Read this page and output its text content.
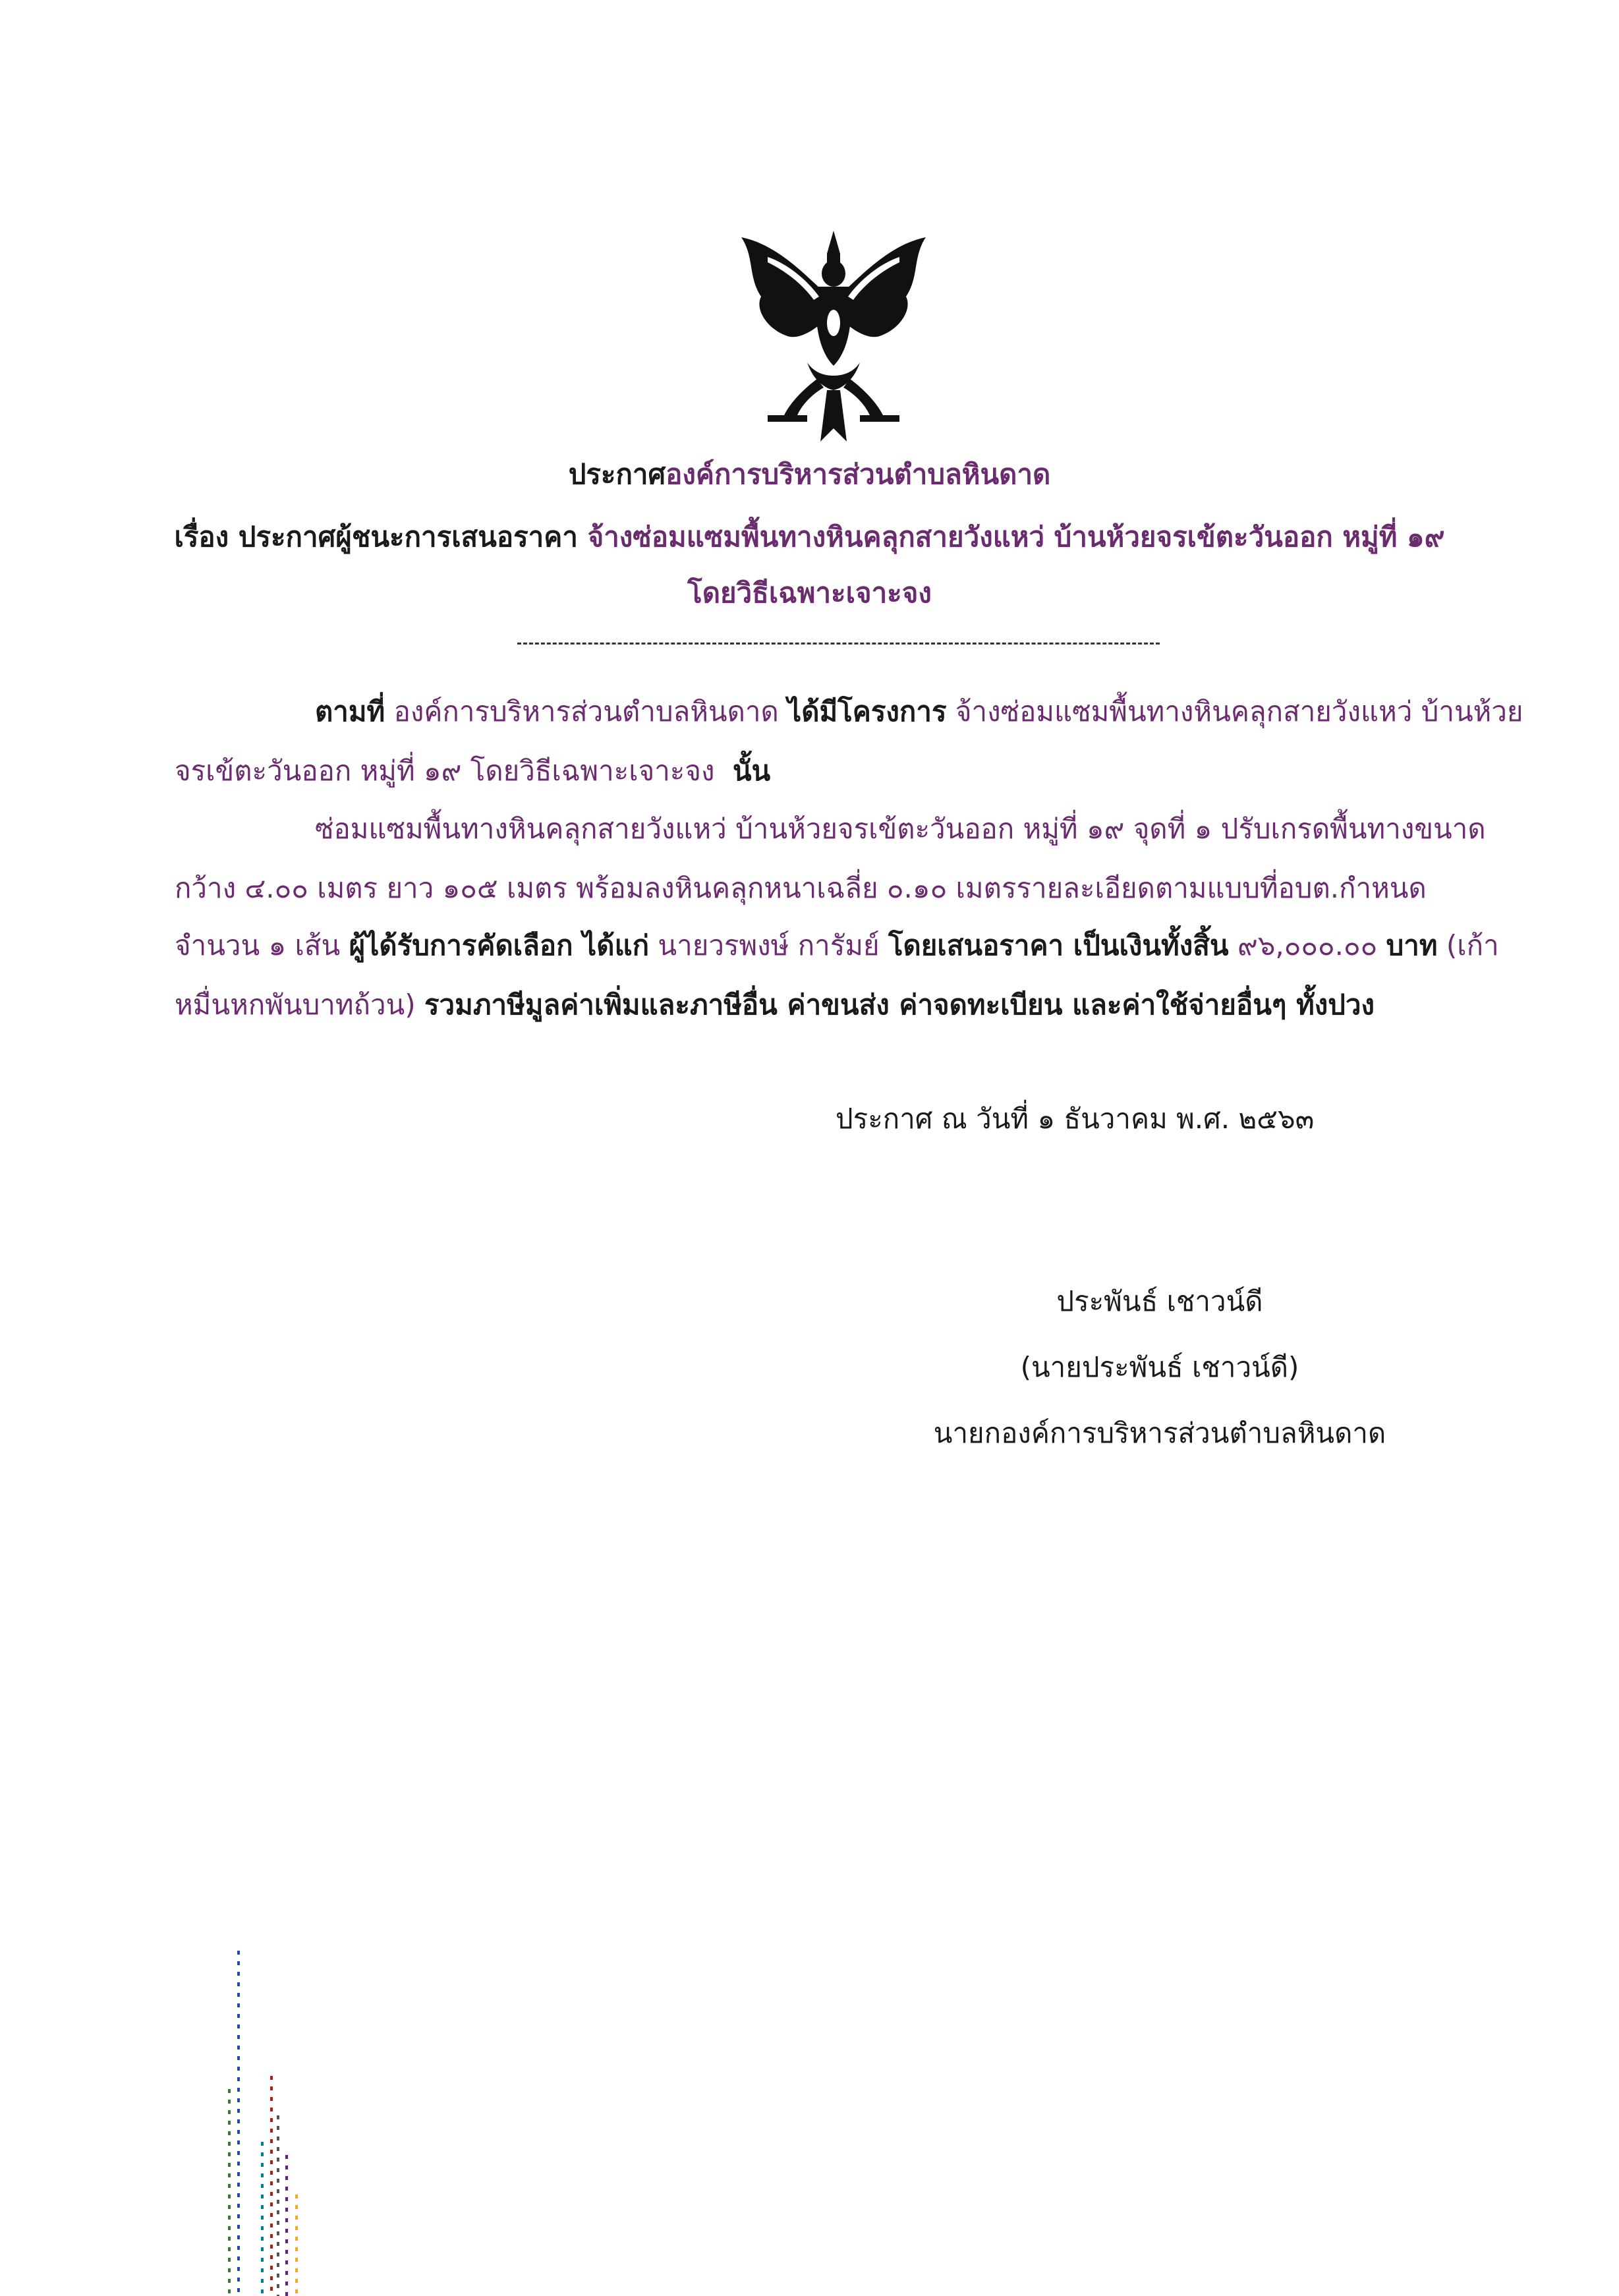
ประกาศองค์การบริหารส่วนตำบลหินดาด
เรื่อง ประกาศผู้ชนะการเสนอราคา จ้างซ่อมแซมพื้นทางหินคลุกสายวังแหว่ บ้านห้วยจรเข้ตะวันออก หมู่ที่ ๑๙
โดยวิธีเฉพาะเจาะจง
ตามที่ องค์การบริหารส่วนตำบลหินดาด ได้มีโครงการ จ้างซ่อมแซมพื้นทางหินคลุกสายวังแหว่ บ้านห้วย
จรเข้ตะวันออก หมู่ที่ ๑๙ โดยวิธีเฉพาะเจาะจง นั้น
ซ่อมแซมพื้นทางหินคลุกสายวังแหว่ บ้านห้วยจรเข้ตะวันออก หมู่ที่ ๑๙ จุดที่ ๑ ปรับเกรดพื้นทางขนาด
กว้าง ๔.๐๐ เมตร ยาว ๑๐๕ เมตร พร้อมลงหินคลุกหนาเฉลี่ย ๐.๑๐ เมตรรายละเอียดตามแบบที่อบต.กำหนด
จำนวน ๑ เส้น ผู้ได้รับการคัดเลือก ได้แก่ นายวรพงษ์ การัมย์ โดยเสนอราคา เป็นเงินทั้งสิ้น ๙๖,๐๐๐.๐๐ บาท (เก้า
หมื่นหกพันบาทถ้วน) รวมภาษีมูลค่าเพิ่มและภาษีอื่น ค่าขนส่ง ค่าจดทะเบียน และค่าใช้จ่ายอื่นๆ ทั้งปวง
ประกาศ ณ วันที่ ๑ ธันวาคม พ.ศ. ๒๕๖๓
ประพันธ์ เชาวน์ดี
(นายประพันธ์ เชาวน์ดี)
นายกองค์การบริหารส่วนตำบลหินดาด
